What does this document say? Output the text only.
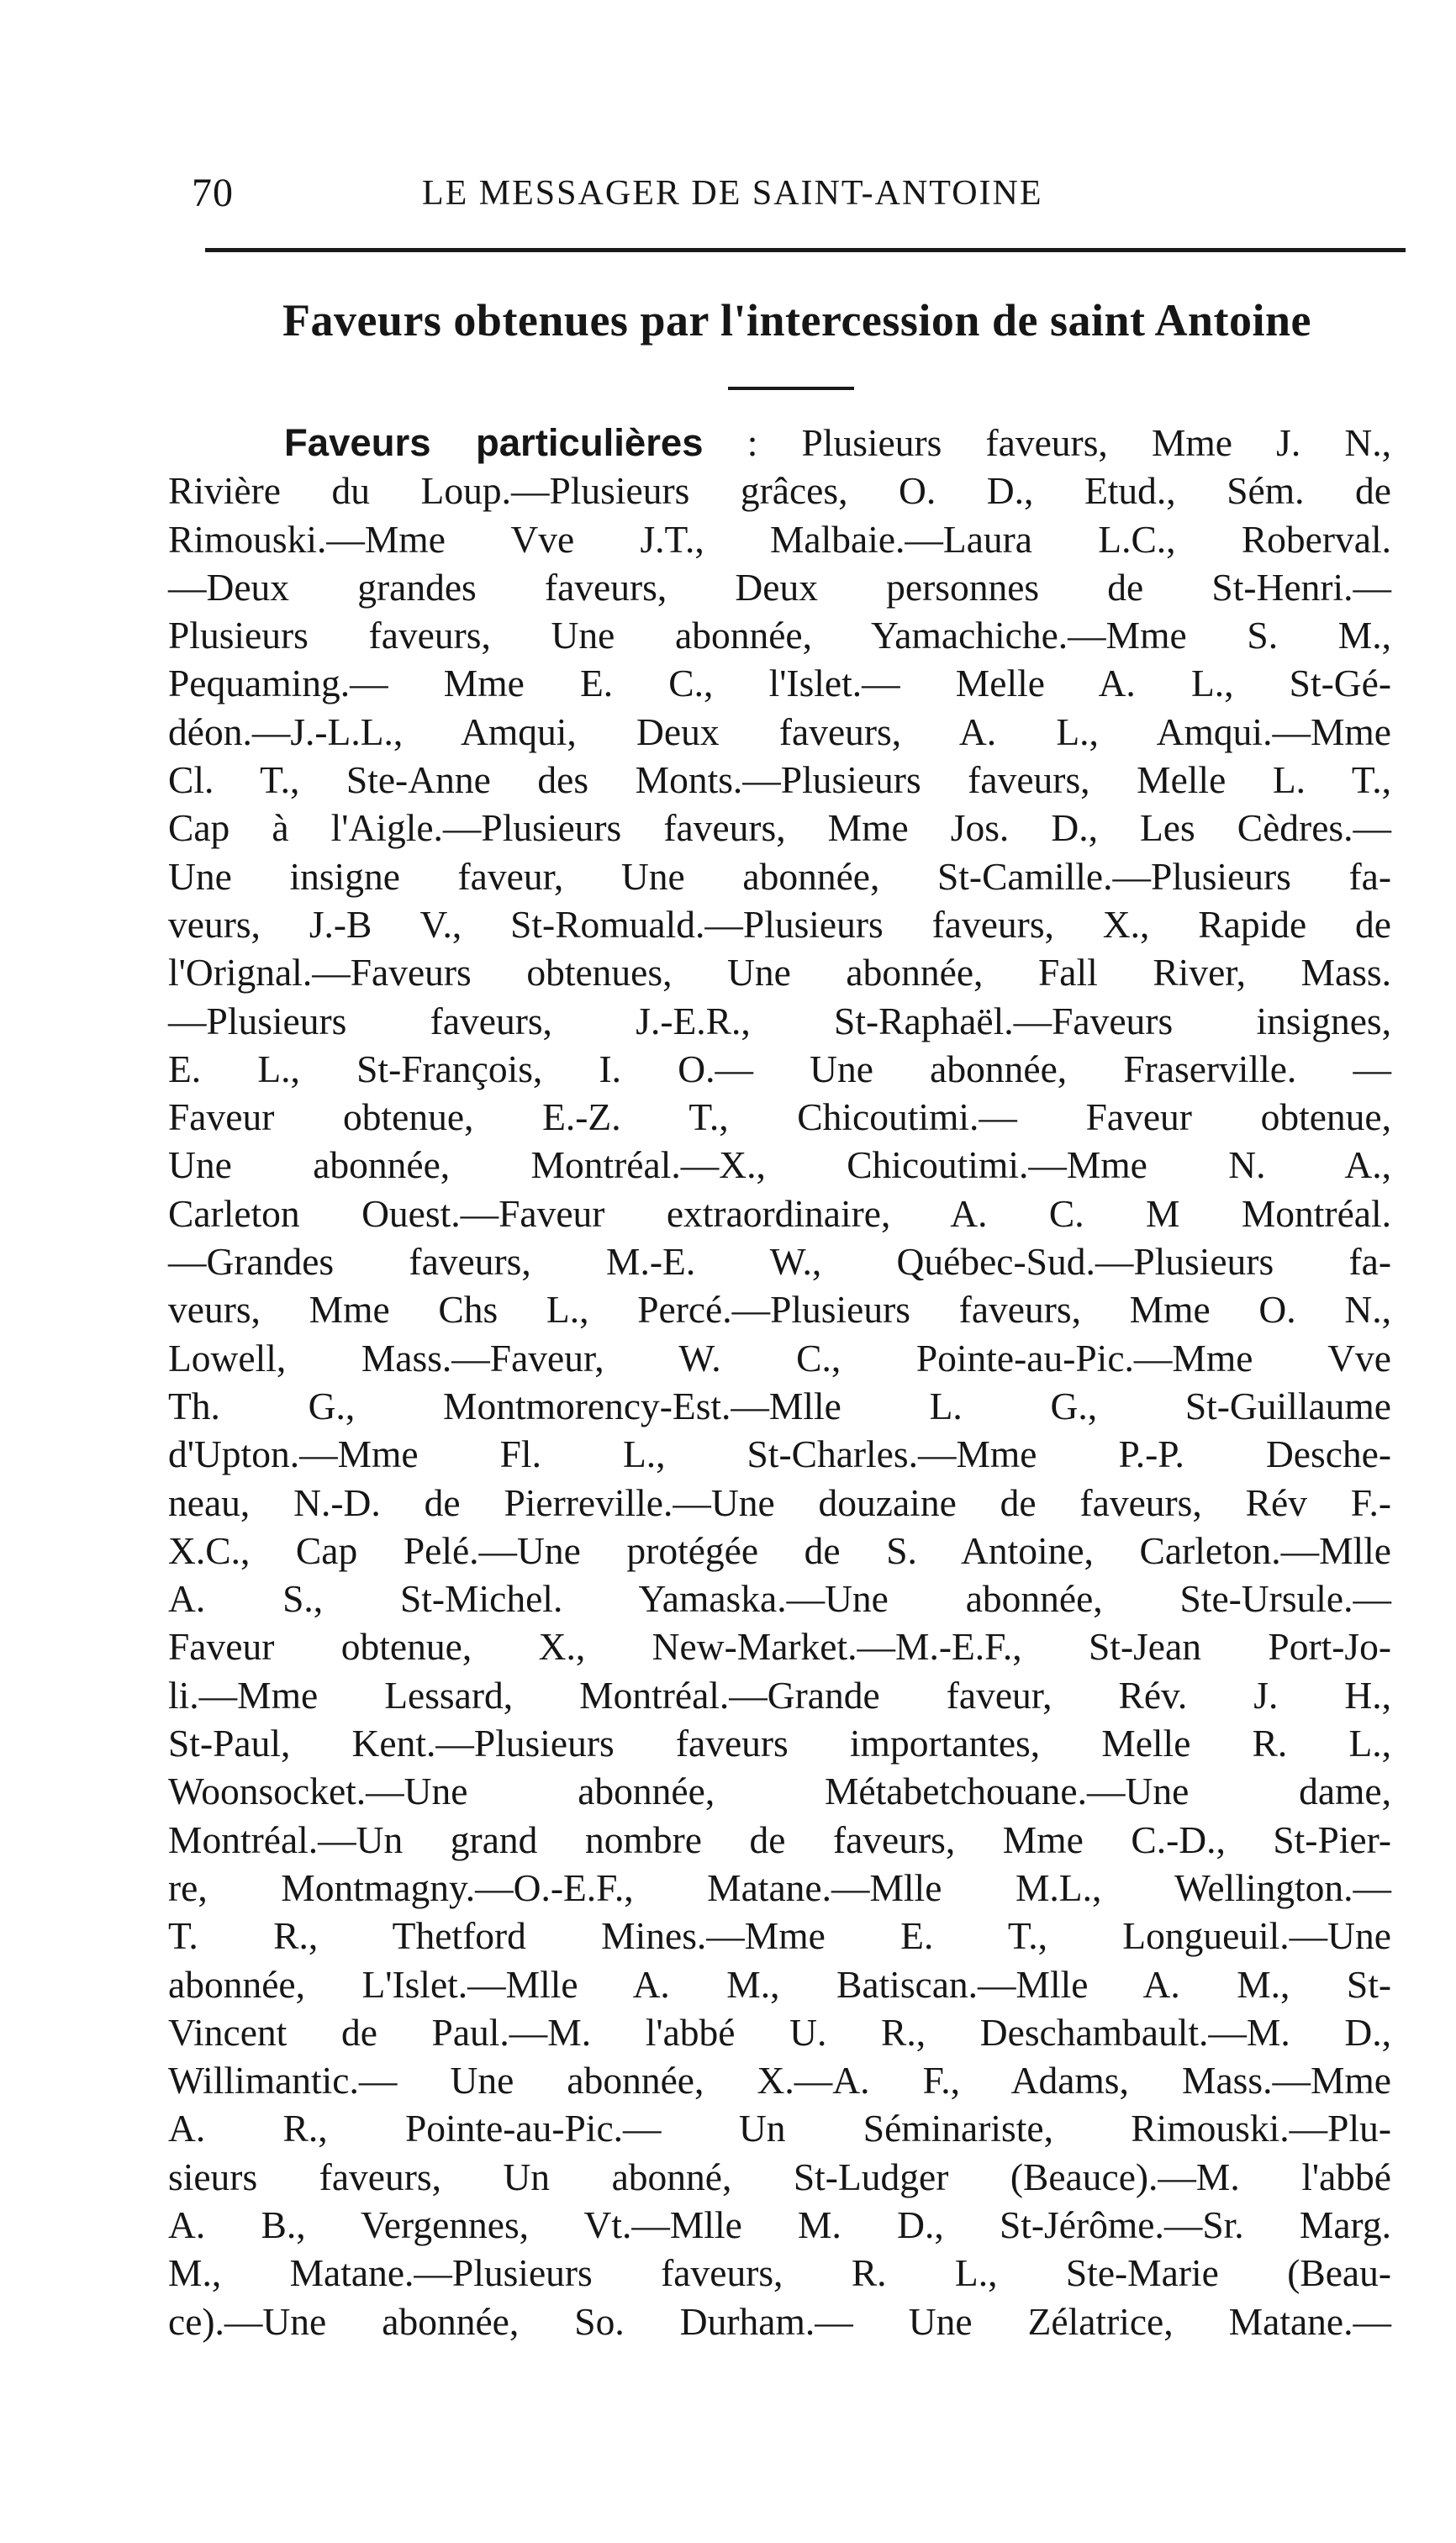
70	LE MESSAGER DE SAINT-ANTOINE
Faveurs obtenues par l'intercession de saint Antoine
Faveurs particulières : Plusieurs faveurs, Mme J. N.,
Rivière du Loup.—Plusieurs grâces, O. D., Etud., Sém. de
Rimouski.—Mme Vve J.T., Malbaie.—Laura L.C., Roberval.
—Deux grandes faveurs, Deux personnes de St-Henri.—
Plusieurs faveurs, Une abonnée, Yamachiche.—Mme S. M.,
Pequaming.— Mme E. C., l'Islet.— Melle A. L., St-Gé-
déon.—J.-L.L., Amqui, Deux faveurs, A. L., Amqui.—Mme
Cl. T., Ste-Anne des Monts.—Plusieurs faveurs, Melle L. T.,
Cap à l'Aigle.—Plusieurs faveurs, Mme Jos. D., Les Cèdres.—
Une insigne faveur, Une abonnée, St-Camille.—Plusieurs fa-
veurs, J.-B V., St-Romuald.—Plusieurs faveurs, X., Rapide de
l'Orignal.—Faveurs obtenues, Une abonnée, Fall River, Mass.
—Plusieurs faveurs, J.-E.R., St-Raphaël.—Faveurs insignes,
E. L., St-François, I. O.— Une abonnée, Fraserville. —
Faveur obtenue, E.-Z. T., Chicoutimi.— Faveur obtenue,
Une abonnée, Montréal.—X., Chicoutimi.—Mme N. A.,
Carleton Ouest.—Faveur extraordinaire, A. C. M Montréal.
—Grandes faveurs, M.-E. W., Québec-Sud.—Plusieurs fa-
veurs, Mme Chs L., Percé.—Plusieurs faveurs, Mme O. N.,
Lowell, Mass.—Faveur, W. C., Pointe-au-Pic.—Mme Vve
Th. G., Montmorency-Est.—Mlle L. G., St-Guillaume
d'Upton.—Mme Fl. L., St-Charles.—Mme P.-P. Desche-
neau, N.-D. de Pierreville.—Une douzaine de faveurs, Rév F.-
X.C., Cap Pelé.—Une protégée de S. Antoine, Carleton.—Mlle
A. S., St-Michel. Yamaska.—Une abonnée, Ste-Ursule.—
Faveur obtenue, X., New-Market.—M.-E.F., St-Jean Port-Jo-
li.—Mme Lessard, Montréal.—Grande faveur, Rév. J. H.,
St-Paul, Kent.—Plusieurs faveurs importantes, Melle R. L.,
Woonsocket.—Une abonnée, Métabetchouane.—Une dame,
Montréal.—Un grand nombre de faveurs, Mme C.-D., St-Pier-
re, Montmagny.—O.-E.F., Matane.—Mlle M.L., Wellington.—
T. R., Thetford Mines.—Mme E. T., Longueuil.—Une
abonnée, L'Islet.—Mlle A. M., Batiscan.—Mlle A. M., St-
Vincent de Paul.—M. l'abbé U. R., Deschambault.—M. D.,
Willimantic.— Une abonnée, X.—A. F., Adams, Mass.—Mme
A. R., Pointe-au-Pic.— Un Séminariste, Rimouski.—Plu-
sieurs faveurs, Un abonné, St-Ludger (Beauce).—M. l'abbé
A. B., Vergennes, Vt.—Mlle M. D., St-Jérôme.—Sr. Marg.
M., Matane.—Plusieurs faveurs, R. L., Ste-Marie (Beau-
ce).—Une abonnée, So. Durham.— Une Zélatrice, Matane.—
